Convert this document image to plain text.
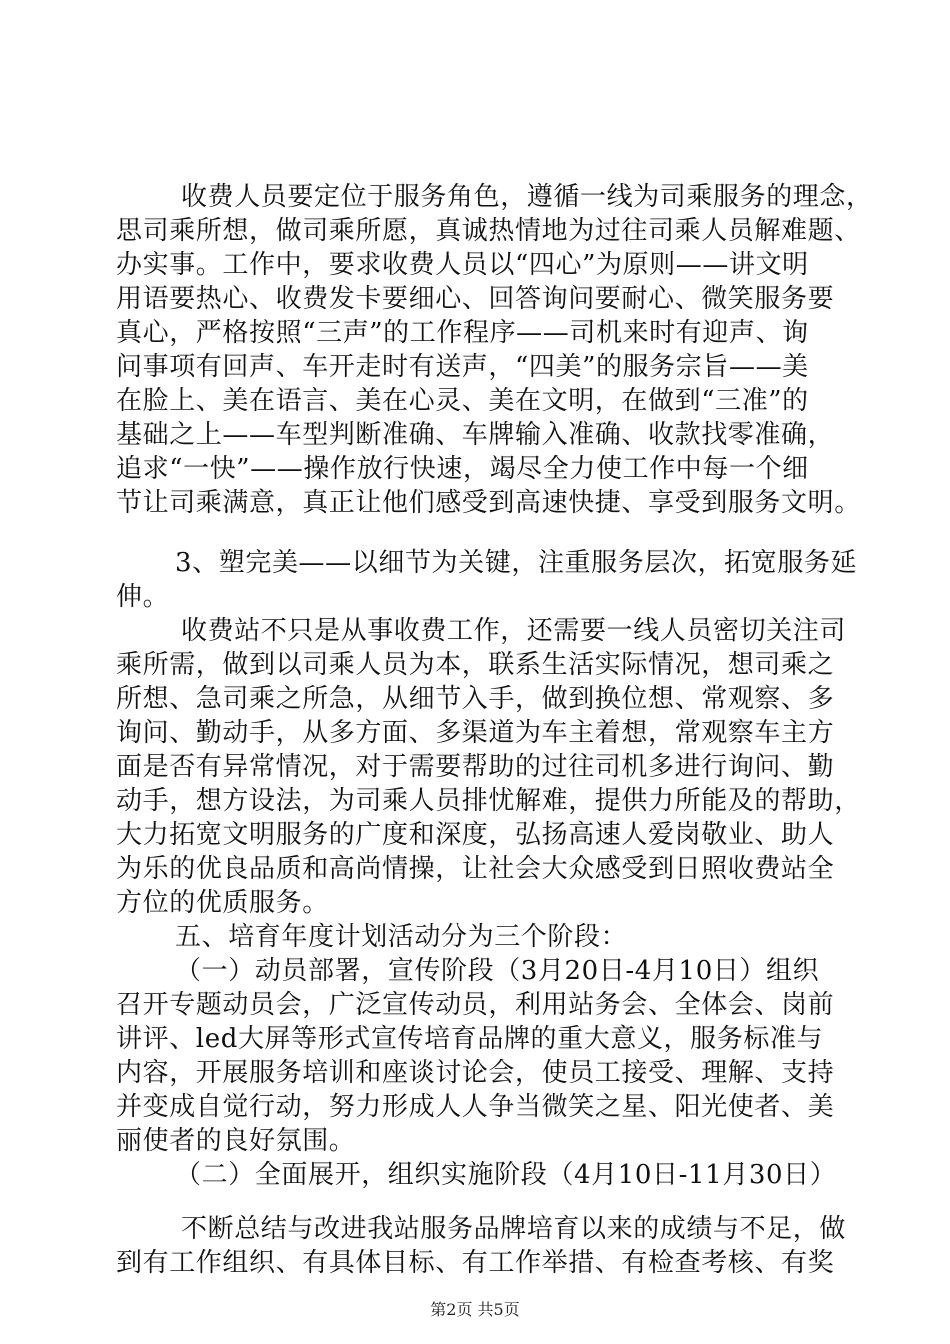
收费人员要定位于服务角色，遵循一线为司乘服务的理念，
思司乘所想，做司乘所愿，真诚热情地为过往司乘人员解难题、
办实事。工作中，要求收费人员以“四心”为原则——讲文明
用语要热心、收费发卡要细心、回答询问要耐心、微笑服务要
真心，严格按照“三声”的工作程序——司机来时有迎声、询
问事项有回声、车开走时有送声，“四美”的服务宗旨——美
在脸上、美在语言、美在心灵、美在文明，在做到“三准”的
基础之上——车型判断准确、车牌输入准确、收款找零准确，
追求“一快”——操作放行快速，竭尽全力使工作中每一个细
节让司乘满意，真正让他们感受到高速快捷、享受到服务文明。
3、塑完美——以细节为关键，注重服务层次，拓宽服务延
伸。
收费站不只是从事收费工作，还需要一线人员密切关注司
乘所需，做到以司乘人员为本，联系生活实际情况，想司乘之
所想、急司乘之所急，从细节入手，做到换位想、常观察、多
询问、勤动手，从多方面、多渠道为车主着想，常观察车主方
面是否有异常情况，对于需要帮助的过往司机多进行询问、勤
动手，想方设法，为司乘人员排忧解难，提供力所能及的帮助，
大力拓宽文明服务的广度和深度，弘扬高速人爱岗敬业、助人
为乐的优良品质和高尚情操，让社会大众感受到日照收费站全
方位的优质服务。
五、培育年度计划活动分为三个阶段：
（一）动员部署，宣传阶段（3月20日-4月10日）组织
召开专题动员会，广泛宣传动员，利用站务会、全体会、岗前
讲评、led大屏等形式宣传培育品牌的重大意义，服务标准与
内容，开展服务培训和座谈讨论会，使员工接受、理解、支持
并变成自觉行动，努力形成人人争当微笑之星、阳光使者、美
丽使者的良好氛围。
（二）全面展开，组织实施阶段（4月10日-11月30日）
不断总结与改进我站服务品牌培育以来的成绩与不足，做
到有工作组织、有具体目标、有工作举措、有检查考核、有奖
第2页 共5页
